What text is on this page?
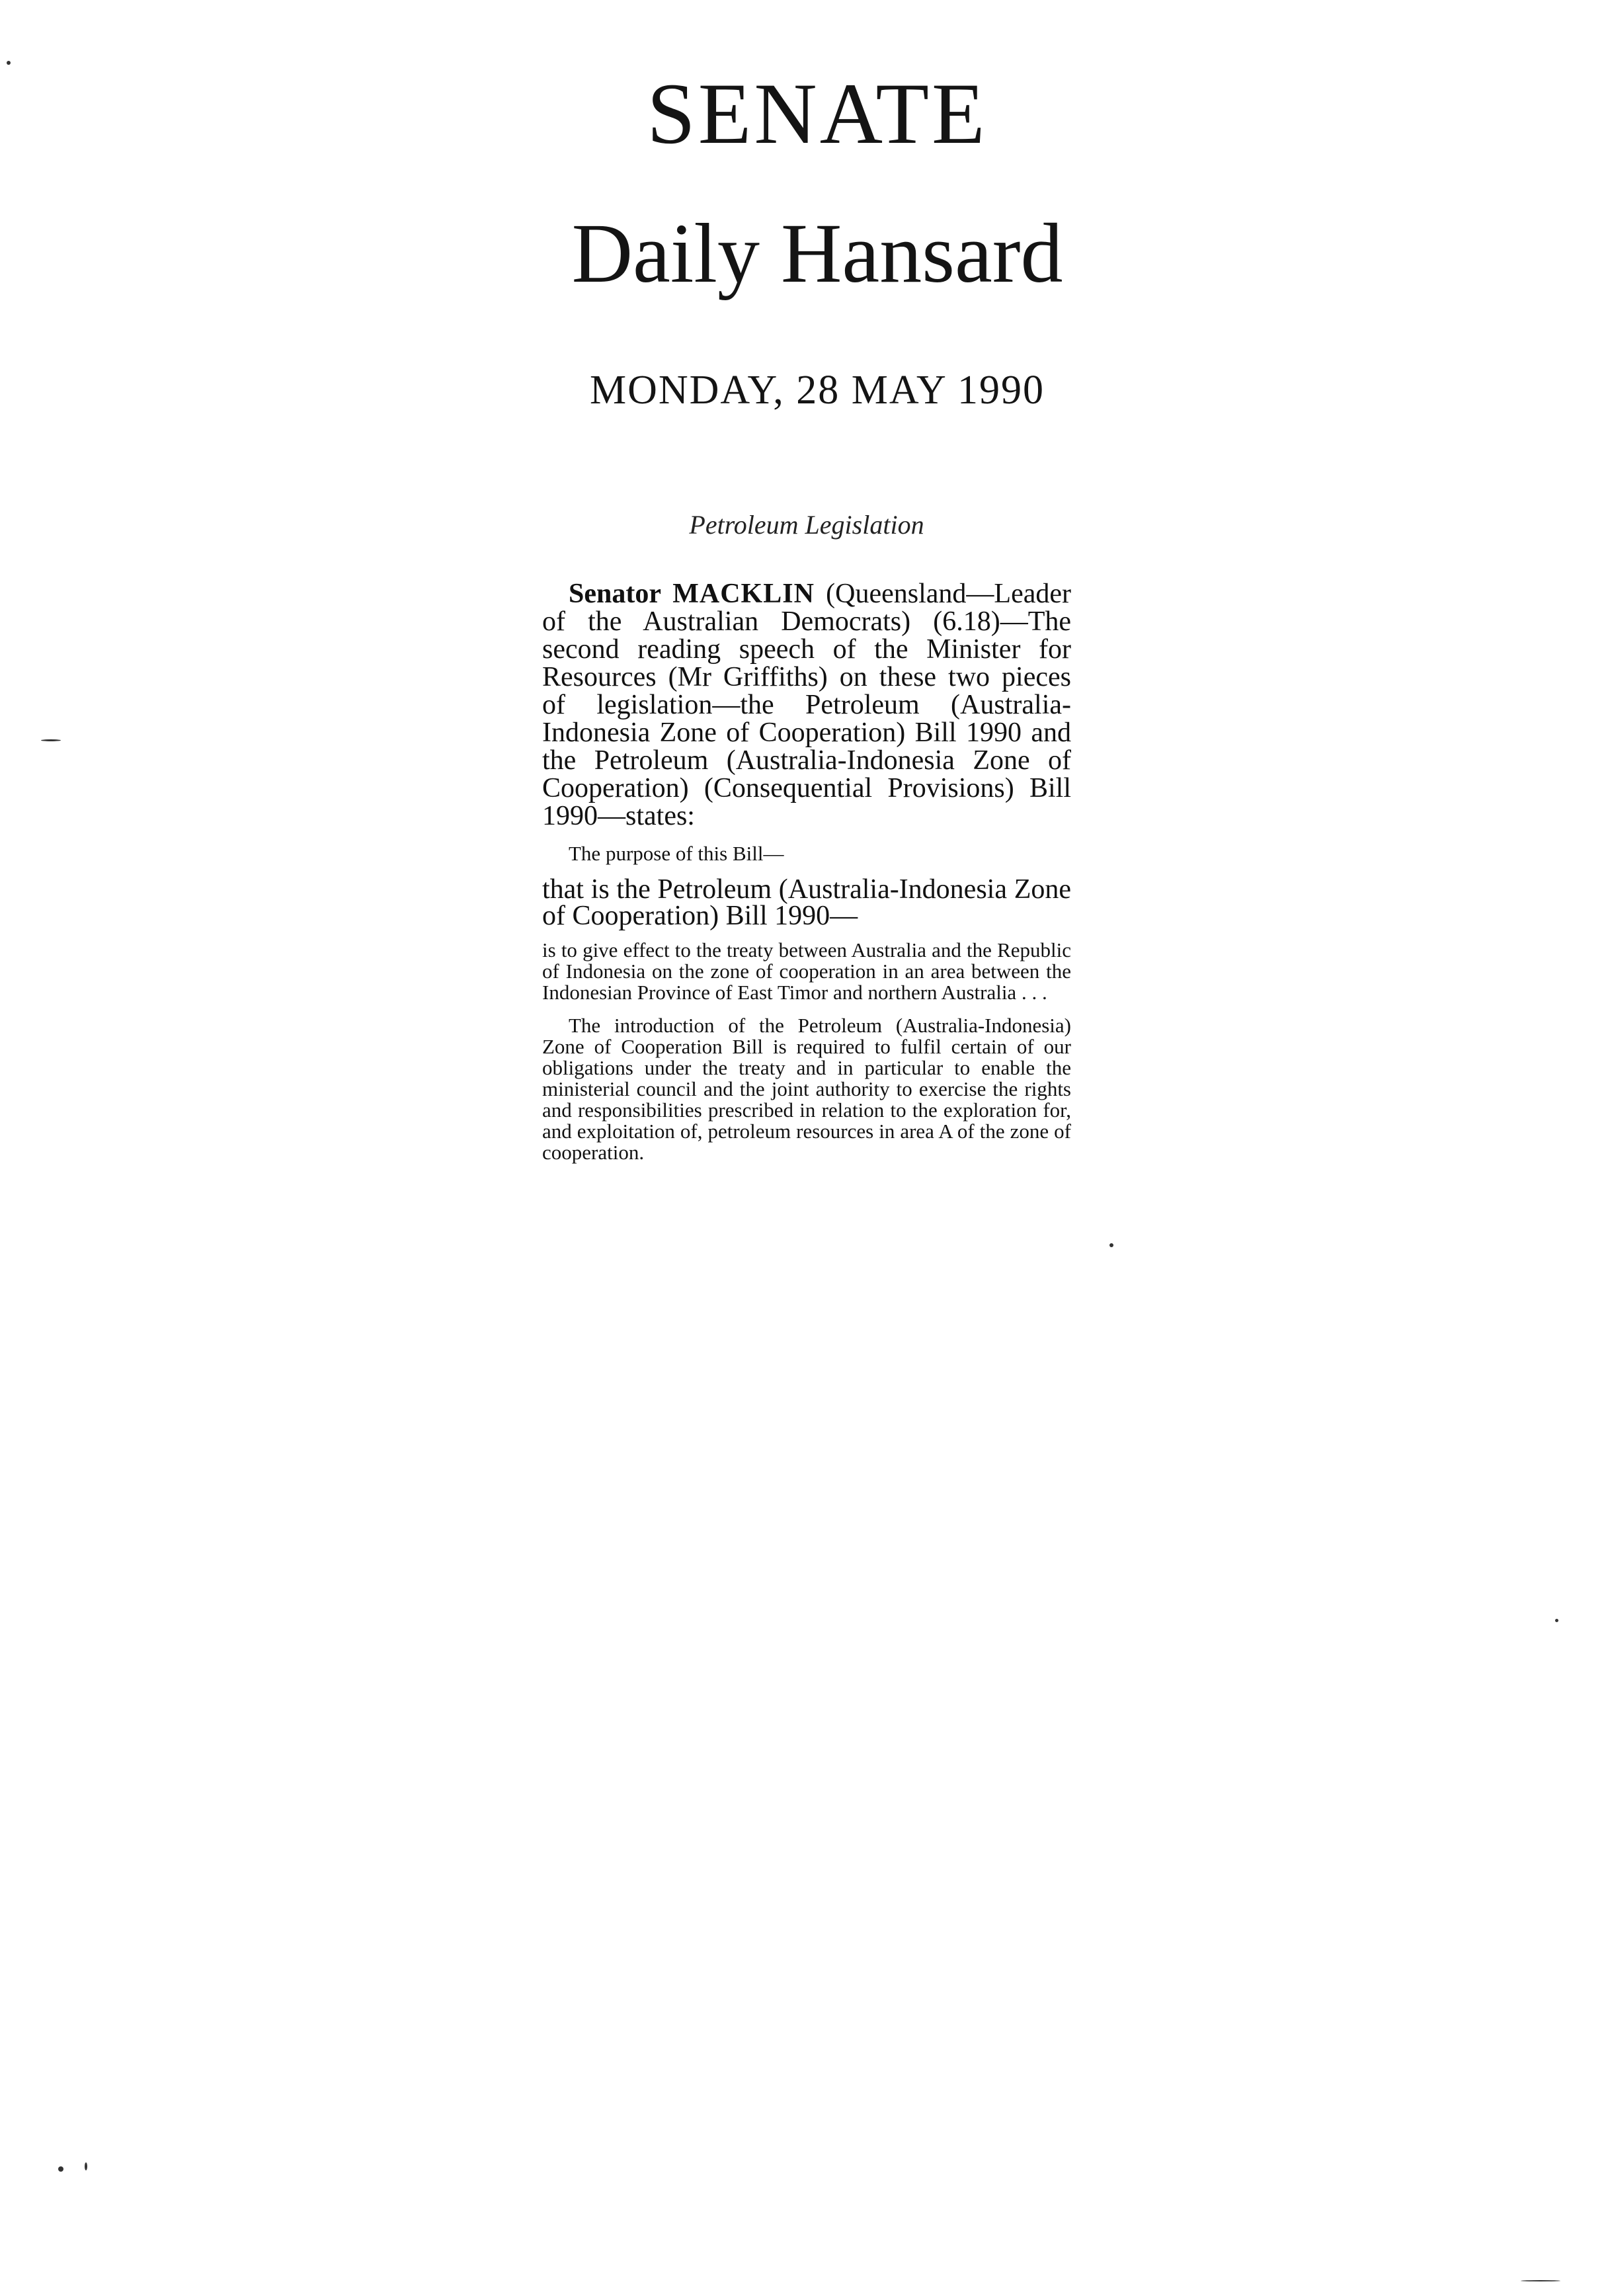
SENATE
Daily Hansard
MONDAY, 28 MAY 1990
Petroleum Legislation

Senator MACKLIN (Queensland—Leader of the Australian Democrats) (6.18)—The second reading speech of the Minister for Resources (Mr Griffiths) on these two pieces of legislation—the Petroleum (Australia-Indonesia Zone of Cooperation) Bill 1990 and the Petroleum (Australia-Indonesia Zone of Cooperation) (Consequential Provisions) Bill 1990—states:

The purpose of this Bill—

that is the Petroleum (Australia-Indonesia Zone of Cooperation) Bill 1990—

is to give effect to the treaty between Australia and the Republic of Indonesia on the zone of cooperation in an area between the Indonesian Province of East Timor and northern Australia . . .

The introduction of the Petroleum (Australia-Indonesia) Zone of Cooperation Bill is required to fulfil certain of our obligations under the treaty and in particular to enable the ministerial council and the joint authority to exercise the rights and responsibilities prescribed in relation to the exploration for, and exploitation of, petroleum resources in area A of the zone of cooperation.
